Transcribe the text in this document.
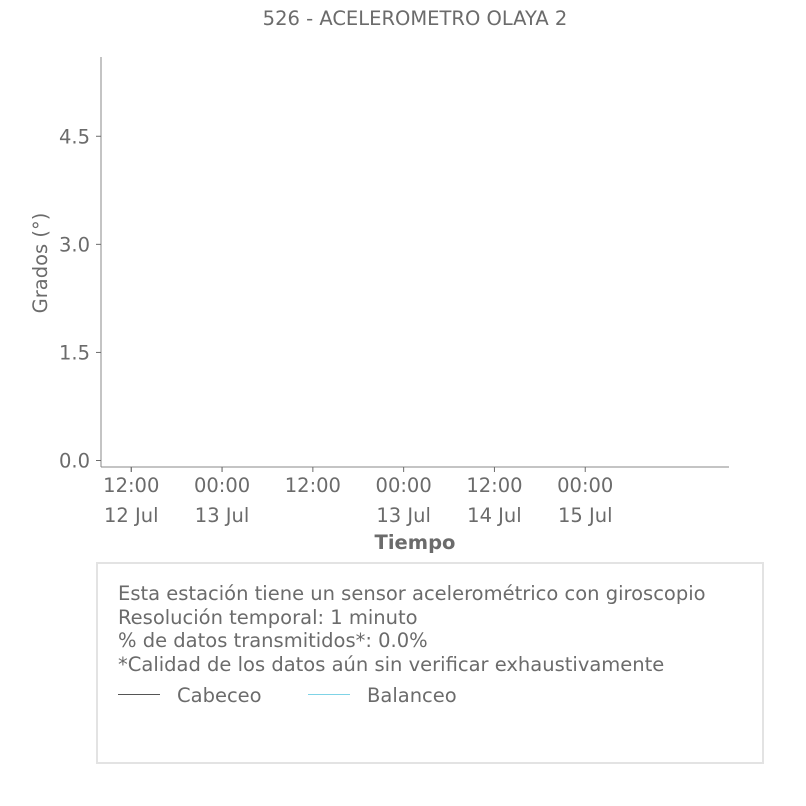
526 - ACELEROMETRO OLAYA 2
0.0
1.5
3.0
4.5
12:00
12 Jul
00:00
13 Jul
12:00 00:00
13 Jul
12:00
14 Jul
00:00
15 Jul
Grados (°)
Tiempo
Esta estación tiene un sensor acelerométrico con giroscopio
Resolución temporal: 1 minuto
% de datos transmitidos*: 0.0%
*Calidad de los datos aún sin verificar exhaustivamente
Cabeceo	Balanceo
